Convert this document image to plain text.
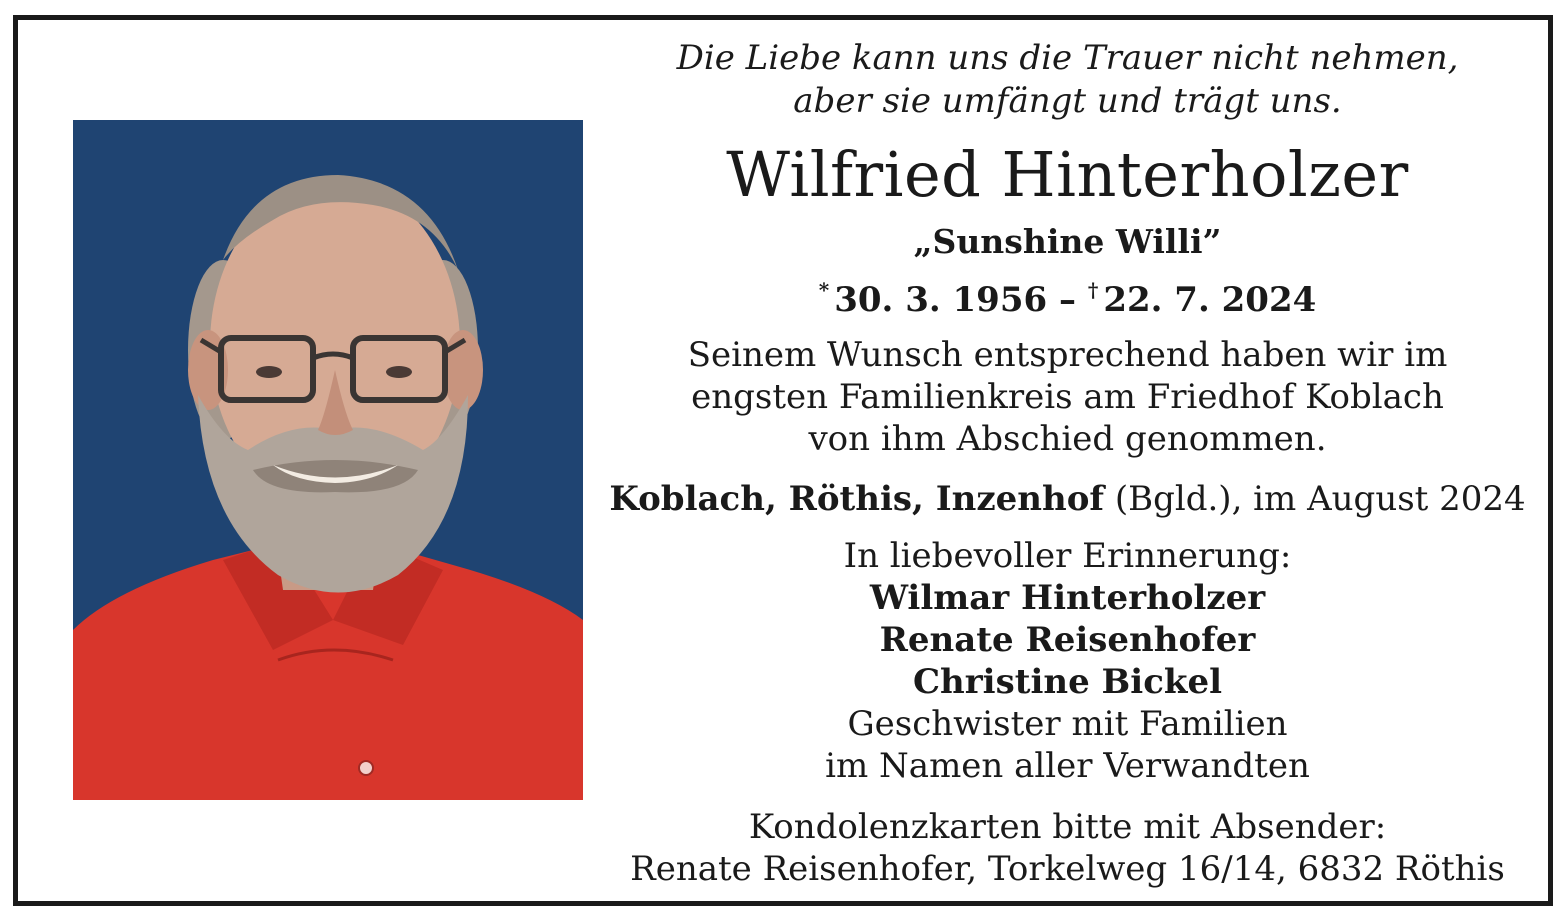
Die Liebe kann uns die Trauer nicht nehmen,
aber sie umfängt und trägt uns.
Wilfried Hinterholzer
„Sunshine Willi”
* 30. 3. 1956 – † 22. 7. 2024
Seinem Wunsch entsprechend haben wir im
engsten Familienkreis am Friedhof Koblach
von ihm Abschied genommen.
Koblach, Röthis, Inzenhof (Bgld.), im August 2024
In liebevoller Erinnerung:
Wilmar Hinterholzer
Renate Reisenhofer
Christine Bickel
Geschwister mit Familien
im Namen aller Verwandten
Kondolenzkarten bitte mit Absender:
Renate Reisenhofer, Torkelweg 16/14, 6832 Röthis
